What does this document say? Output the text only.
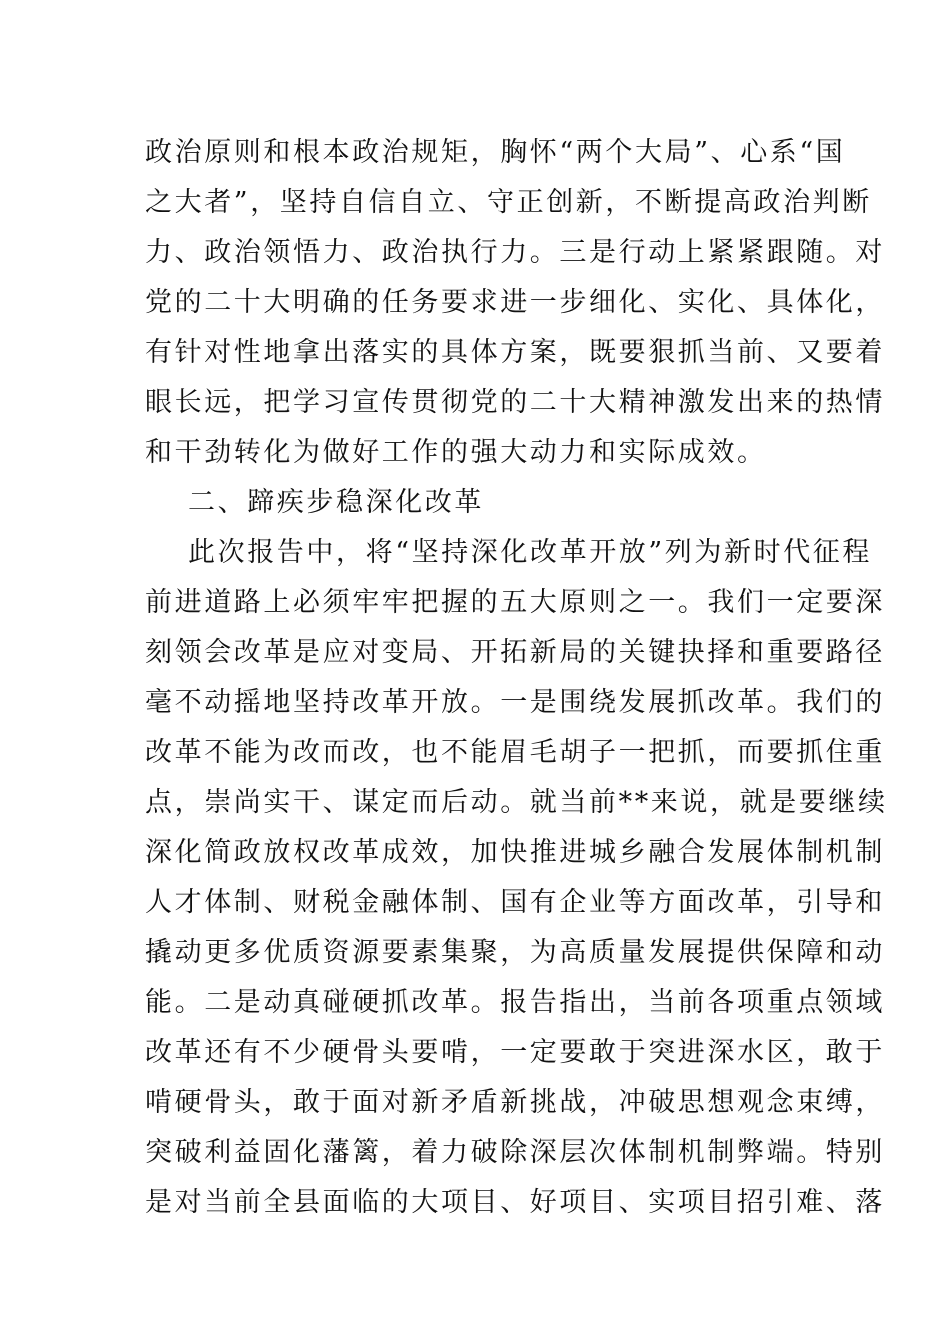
政治原则和根本政治规矩，胸怀“两个大局”、心系“国
之大者”，坚持自信自立、守正创新，不断提高政治判断
力、政治领悟力、政治执行力。三是行动上紧紧跟随。对
党的二十大明确的任务要求进一步细化、实化、具体化，
有针对性地拿出落实的具体方案，既要狠抓当前、又要着
眼长远，把学习宣传贯彻党的二十大精神激发出来的热情
和干劲转化为做好工作的强大动力和实际成效。
二、蹄疾步稳深化改革
此次报告中，将“坚持深化改革开放”列为新时代征程
前进道路上必须牢牢把握的五大原则之一。我们一定要深
刻领会改革是应对变局、开拓新局的关键抉择和重要路径
毫不动摇地坚持改革开放。一是围绕发展抓改革。我们的
改革不能为改而改，也不能眉毛胡子一把抓，而要抓住重
点，崇尚实干、谋定而后动。就当前**来说，就是要继续
深化简政放权改革成效，加快推进城乡融合发展体制机制
人才体制、财税金融体制、国有企业等方面改革，引导和
撬动更多优质资源要素集聚，为高质量发展提供保障和动
能。二是动真碰硬抓改革。报告指出，当前各项重点领域
改革还有不少硬骨头要啃，一定要敢于突进深水区，敢于
啃硬骨头，敢于面对新矛盾新挑战，冲破思想观念束缚，
突破利益固化藩篱，着力破除深层次体制机制弊端。特别
是对当前全县面临的大项目、好项目、实项目招引难、落
